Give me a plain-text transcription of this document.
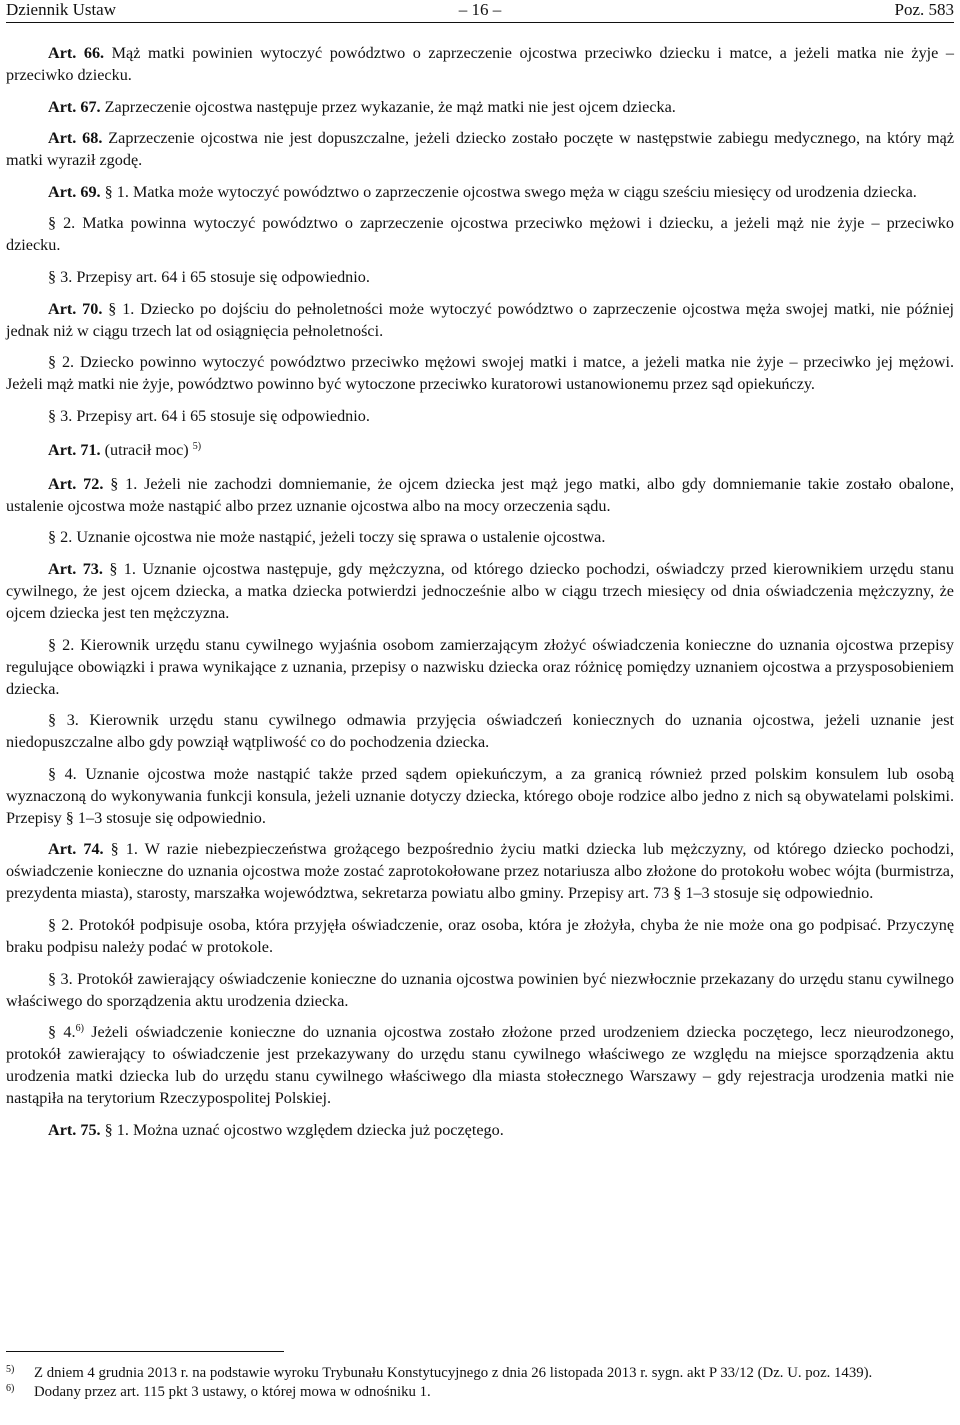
Dziennik Ustaw	– 16 –	Poz. 583

Art. 66. Mąż matki powinien wytoczyć powództwo o zaprzeczenie ojcostwa przeciwko dziecku i matce, a jeżeli matka nie żyje – przeciwko dziecku.

Art. 67. Zaprzeczenie ojcostwa następuje przez wykazanie, że mąż matki nie jest ojcem dziecka.

Art. 68. Zaprzeczenie ojcostwa nie jest dopuszczalne, jeżeli dziecko zostało poczęte w następstwie zabiegu medycznego, na który mąż matki wyraził zgodę.

Art. 69. § 1. Matka może wytoczyć powództwo o zaprzeczenie ojcostwa swego męża w ciągu sześciu miesięcy od urodzenia dziecka.

§ 2. Matka powinna wytoczyć powództwo o zaprzeczenie ojcostwa przeciwko mężowi i dziecku, a jeżeli mąż nie żyje – przeciwko dziecku.

§ 3. Przepisy art. 64 i 65 stosuje się odpowiednio.

Art. 70. § 1. Dziecko po dojściu do pełnoletności może wytoczyć powództwo o zaprzeczenie ojcostwa męża swojej matki, nie później jednak niż w ciągu trzech lat od osiągnięcia pełnoletności.

§ 2. Dziecko powinno wytoczyć powództwo przeciwko mężowi swojej matki i matce, a jeżeli matka nie żyje – przeciwko jej mężowi. Jeżeli mąż matki nie żyje, powództwo powinno być wytoczone przeciwko kuratorowi ustanowionemu przez sąd opiekuńczy.

§ 3. Przepisy art. 64 i 65 stosuje się odpowiednio.

Art. 71. (utracił moc) $^{5)}$

Art. 72. § 1. Jeżeli nie zachodzi domniemanie, że ojcem dziecka jest mąż jego matki, albo gdy domniemanie takie zostało obalone, ustalenie ojcostwa może nastąpić albo przez uznanie ojcostwa albo na mocy orzeczenia sądu.

§ 2. Uznanie ojcostwa nie może nastąpić, jeżeli toczy się sprawa o ustalenie ojcostwa.

Art. 73. § 1. Uznanie ojcostwa następuje, gdy mężczyzna, od którego dziecko pochodzi, oświadczy przed kierownikiem urzędu stanu cywilnego, że jest ojcem dziecka, a matka dziecka potwierdzi jednocześnie albo w ciągu trzech miesięcy od dnia oświadczenia mężczyzny, że ojcem dziecka jest ten mężczyzna.

§ 2. Kierownik urzędu stanu cywilnego wyjaśnia osobom zamierzającym złożyć oświadczenia konieczne do uznania ojcostwa przepisy regulujące obowiązki i prawa wynikające z uznania, przepisy o nazwisku dziecka oraz różnicę pomiędzy uznaniem ojcostwa a przysposobieniem dziecka.

§ 3. Kierownik urzędu stanu cywilnego odmawia przyjęcia oświadczeń koniecznych do uznania ojcostwa, jeżeli uznanie jest niedopuszczalne albo gdy powziął wątpliwość co do pochodzenia dziecka.

§ 4. Uznanie ojcostwa może nastąpić także przed sądem opiekuńczym, a za granicą również przed polskim konsulem lub osobą wyznaczoną do wykonywania funkcji konsula, jeżeli uznanie dotyczy dziecka, którego oboje rodzice albo jedno z nich są obywatelami polskimi. Przepisy § 1–3 stosuje się odpowiednio.

Art. 74. § 1. W razie niebezpieczeństwa grożącego bezpośrednio życiu matki dziecka lub mężczyzny, od którego dziecko pochodzi, oświadczenie konieczne do uznania ojcostwa może zostać zaprotokołowane przez notariusza albo złożone do protokołu wobec wójta (burmistrza, prezydenta miasta), starosty, marszałka województwa, sekretarza powiatu albo gminy. Przepisy art. 73 § 1–3 stosuje się odpowiednio.

§ 2. Protokół podpisuje osoba, która przyjęła oświadczenie, oraz osoba, która je złożyła, chyba że nie może ona go podpisać. Przyczynę braku podpisu należy podać w protokole.

§ 3. Protokół zawierający oświadczenie konieczne do uznania ojcostwa powinien być niezwłocznie przekazany do urzędu stanu cywilnego właściwego do sporządzenia aktu urodzenia dziecka.

§ 4.$^{6)}$ Jeżeli oświadczenie konieczne do uznania ojcostwa zostało złożone przed urodzeniem dziecka poczętego, lecz nieurodzonego, protokół zawierający to oświadczenie jest przekazywany do urzędu stanu cywilnego właściwego ze względu na miejsce sporządzenia aktu urodzenia matki dziecka lub do urzędu stanu cywilnego właściwego dla miasta stołecznego Warszawy – gdy rejestracja urodzenia matki nie nastąpiła na terytorium Rzeczypospolitej Polskiej.

Art. 75. § 1. Można uznać ojcostwo względem dziecka już poczętego.

5)	Z dniem 4 grudnia 2013 r. na podstawie wyroku Trybunału Konstytucyjnego z dnia 26 listopada 2013 r. sygn. akt P 33/12 (Dz. U. poz. 1439).
6)	Dodany przez art. 115 pkt 3 ustawy, o której mowa w odnośniku 1.
